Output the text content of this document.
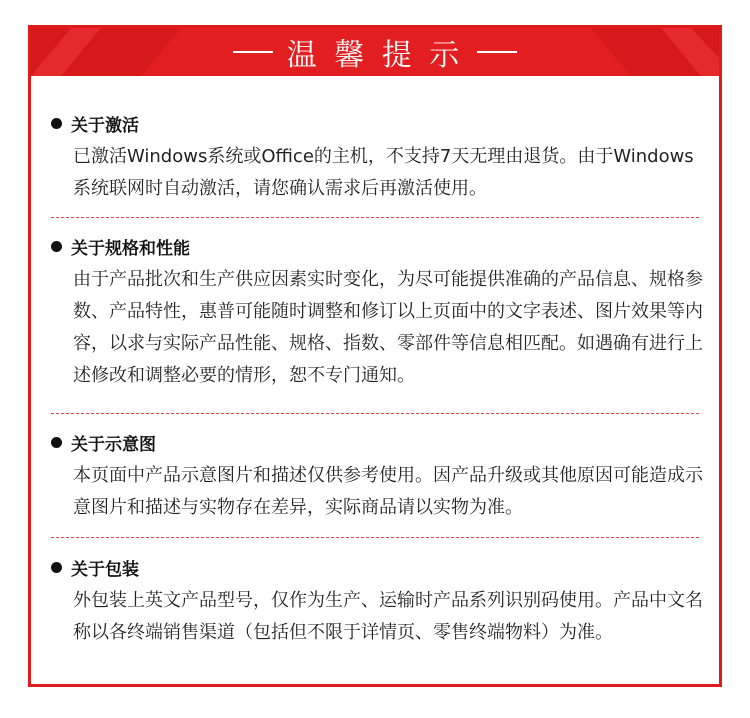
温 馨 提 示
关于激活

已激活Windows系统或Office的主机，不支持7天无理由退货。由于Windows系统联网时自动激活，请您确认需求后再激活使用。

关于规格和性能

由于产品批次和生产供应因素实时变化，为尽可能提供准确的产品信息、规格参数、产品特性，惠普可能随时调整和修订以上页面中的文字表述、图片效果等内容，以求与实际产品性能、规格、指数、零部件等信息相匹配。如遇确有进行上述修改和调整必要的情形，恕不专门通知。

关于示意图

本页面中产品示意图片和描述仅供参考使用。因产品升级或其他原因可能造成示意图片和描述与实物存在差异，实际商品请以实物为准。

关于包装

外包装上英文产品型号，仅作为生产、运输时产品系列识别码使用。产品中文名称以各终端销售渠道（包括但不限于详情页、零售终端物料）为准。
